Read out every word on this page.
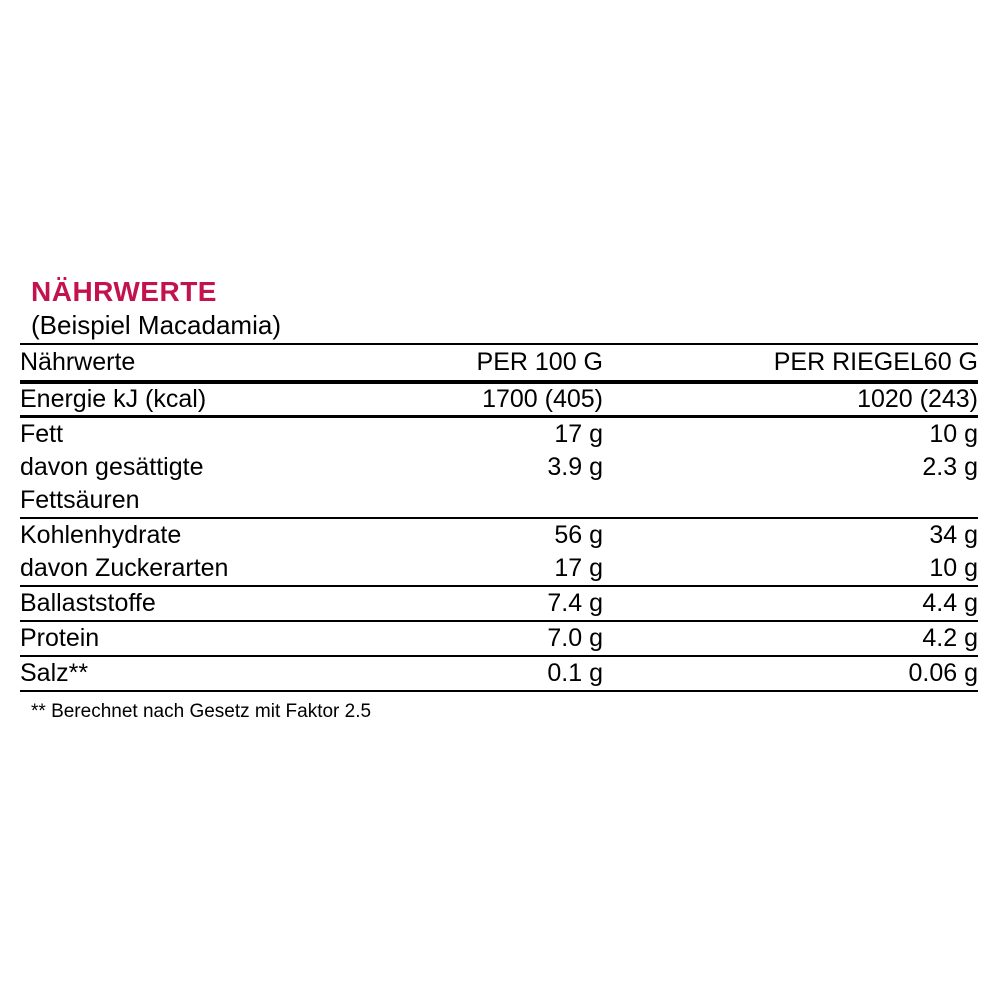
NÄHRWERTE
(Beispiel Macadamia)
Nährwerte	PER 100 G	PER RIEGEL60 G
Energie kJ (kcal)	1700 (405)	1020 (243)
Fett	17 g	10 g
davon gesättigte	3.9 g	2.3 g
Fettsäuren		
Kohlenhydrate	56 g	34 g
davon Zuckerarten	17 g	10 g
Ballaststoffe	7.4 g	4.4 g
Protein	7.0 g	4.2 g
Salz**	0.1 g	0.06 g
** Berechnet nach Gesetz mit Faktor 2.5
